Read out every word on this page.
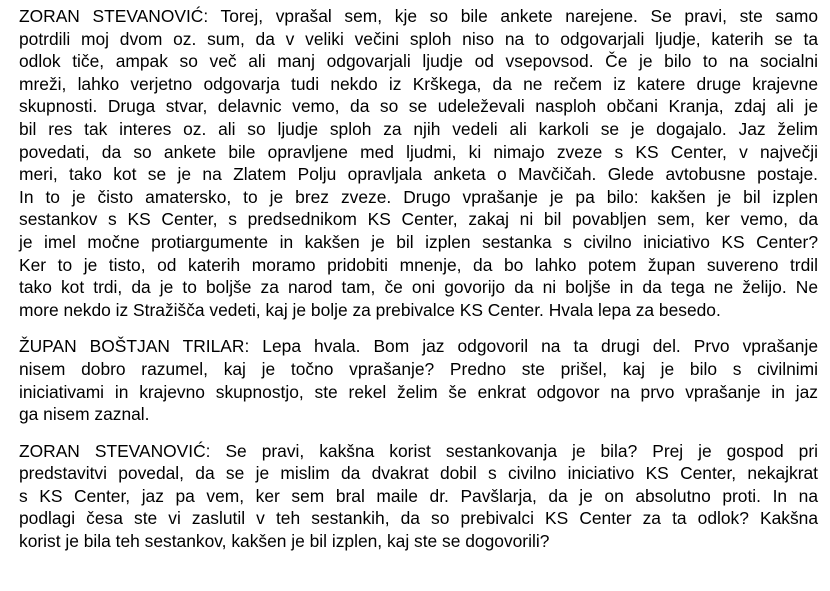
ZORAN STEVANOVIĆ: Torej, vprašal sem, kje so bile ankete narejene. Se pravi, ste samo
potrdili moj dvom oz. sum, da v veliki večini sploh niso na to odgovarjali ljudje, katerih se ta
odlok tiče, ampak so več ali manj odgovarjali ljudje od vsepovsod. Če je bilo to na socialni
mreži, lahko verjetno odgovarja tudi nekdo iz Krškega, da ne rečem iz katere druge krajevne
skupnosti. Druga stvar, delavnic vemo, da so se udeleževali nasploh občani Kranja, zdaj ali je
bil res tak interes oz. ali so ljudje sploh za njih vedeli ali karkoli se je dogajalo. Jaz želim
povedati, da so ankete bile opravljene med ljudmi, ki nimajo zveze s KS Center, v največji
meri, tako kot se je na Zlatem Polju opravljala anketa o Mavčičah. Glede avtobusne postaje.
In to je čisto amatersko, to je brez zveze. Drugo vprašanje je pa bilo: kakšen je bil izplen
sestankov s KS Center, s predsednikom KS Center, zakaj ni bil povabljen sem, ker vemo, da
je imel močne protiargumente in kakšen je bil izplen sestanka s civilno iniciativo KS Center?
Ker to je tisto, od katerih moramo pridobiti mnenje, da bo lahko potem župan suvereno trdil
tako kot trdi, da je to boljše za narod tam, če oni govorijo da ni boljše in da tega ne želijo. Ne
more nekdo iz Stražišča vedeti, kaj je bolje za prebivalce KS Center. Hvala lepa za besedo.
ŽUPAN BOŠTJAN TRILAR: Lepa hvala. Bom jaz odgovoril na ta drugi del. Prvo vprašanje
nisem dobro razumel, kaj je točno vprašanje? Predno ste prišel, kaj je bilo s civilnimi
iniciativami in krajevno skupnostjo, ste rekel želim še enkrat odgovor na prvo vprašanje in jaz
ga nisem zaznal.
ZORAN STEVANOVIĆ: Se pravi, kakšna korist sestankovanja je bila? Prej je gospod pri
predstavitvi povedal, da se je mislim da dvakrat dobil s civilno iniciativo KS Center, nekajkrat
s KS Center, jaz pa vem, ker sem bral maile dr. Pavšlarja, da je on absolutno proti. In na
podlagi česa ste vi zaslutil v teh sestankih, da so prebivalci KS Center za ta odlok? Kakšna
korist je bila teh sestankov, kakšen je bil izplen, kaj ste se dogovorili?
